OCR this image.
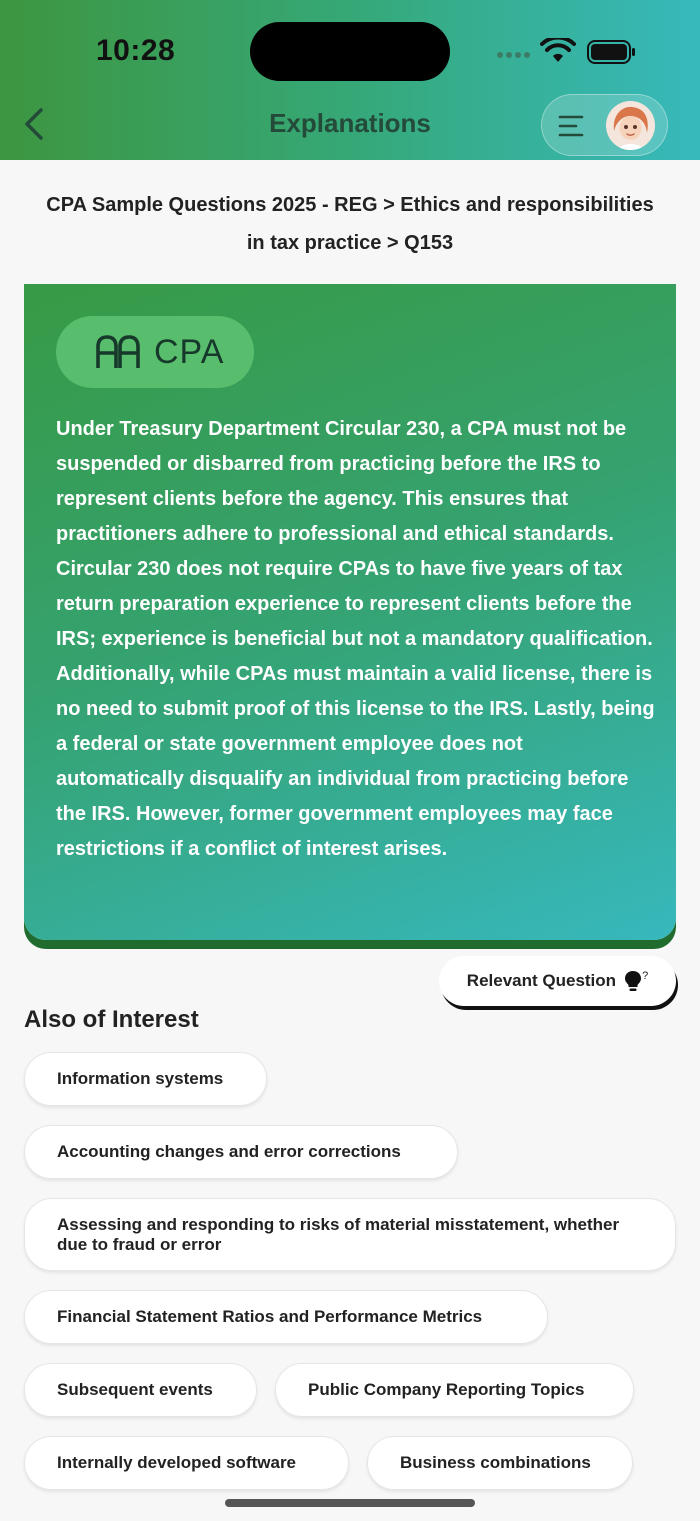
10:28
Explanations
CPA Sample Questions 2025 - REG > Ethics and responsibilities
in tax practice > Q153
CPA

Under Treasury Department Circular 230, a CPA must not be suspended or disbarred from practicing before the IRS to represent clients before the agency. This ensures that practitioners adhere to professional and ethical standards. Circular 230 does not require CPAs to have five years of tax return preparation experience to represent clients before the IRS; experience is beneficial but not a mandatory qualification. Additionally, while CPAs must maintain a valid license, there is no need to submit proof of this license to the IRS. Lastly, being a federal or state government employee does not automatically disqualify an individual from practicing before the IRS. However, former government employees may face restrictions if a conflict of interest arises.

Relevant Question ?
Also of Interest
Information systems
Accounting changes and error corrections
Assessing and responding to risks of material misstatement, whether due to fraud or error
Financial Statement Ratios and Performance Metrics
Subsequent events	Public Company Reporting Topics
Internally developed software	Business combinations
